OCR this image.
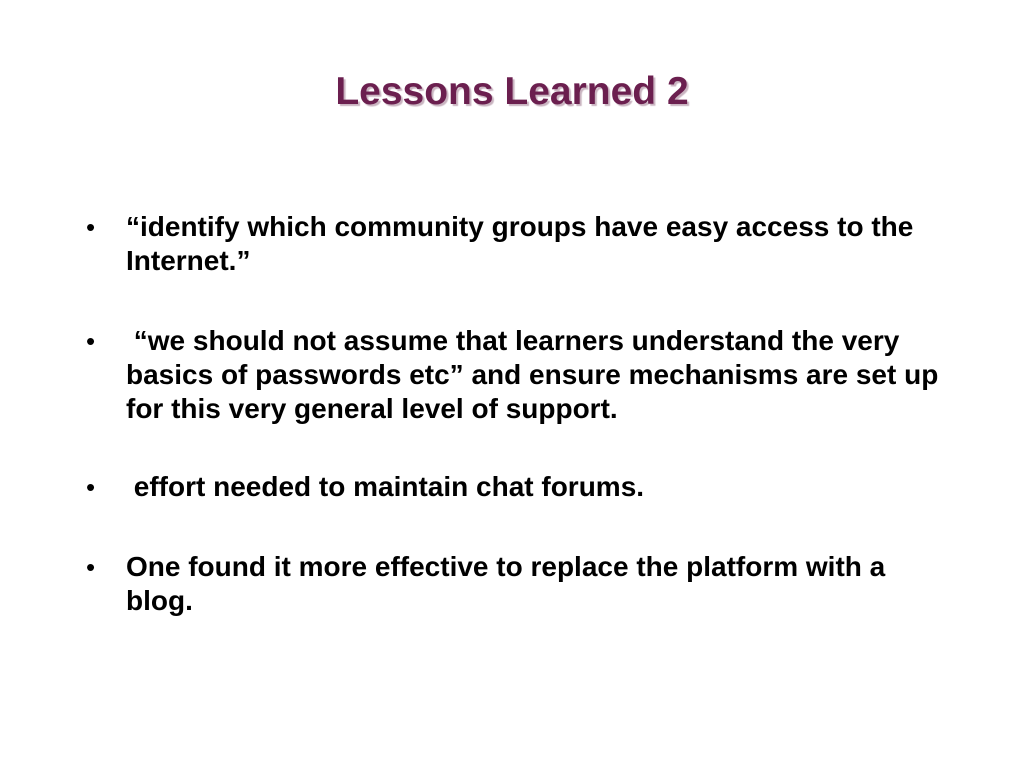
Lessons Learned 2
•	“identify which community groups have easy access to the Internet.”
•	“we should not assume that learners understand the very basics of passwords etc” and ensure mechanisms are set up for this very general level of support.
•	effort needed to maintain chat forums.
•	One found it more effective to replace the platform with a blog.
